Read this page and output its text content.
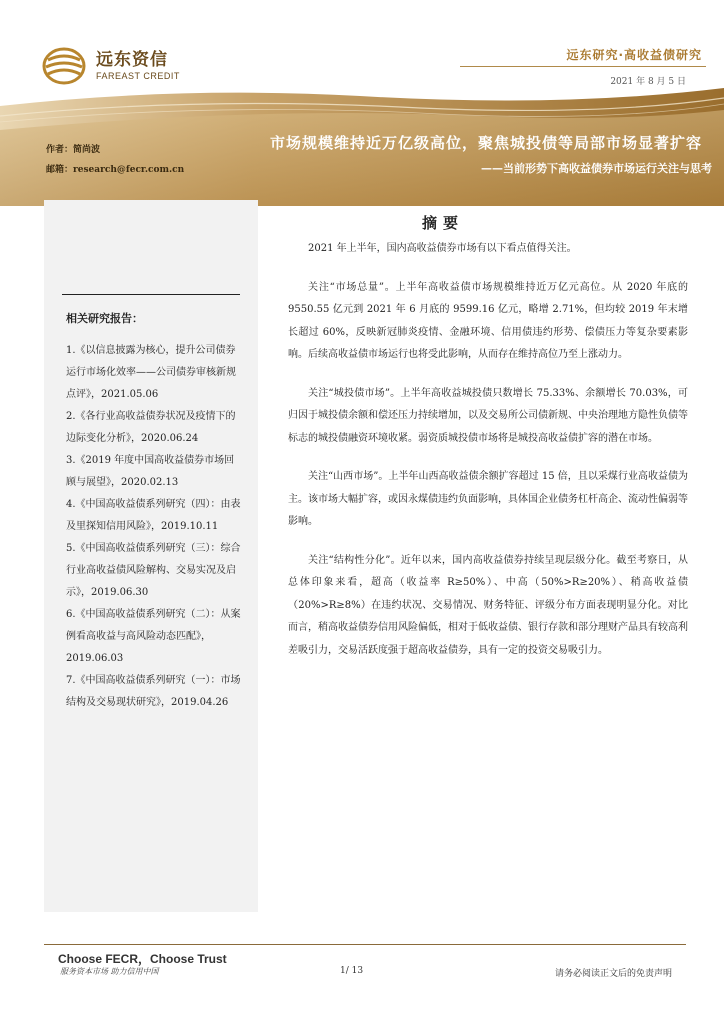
远东资信
FAREAST CREDIT
远东研究·高收益债研究
2021 年 8 月 5 日
作者：简尚波
邮箱：research@fecr.com.cn
市场规模维持近万亿级高位，聚焦城投债等局部市场显著扩容
——当前形势下高收益债券市场运行关注与思考
相关研究报告：
1.《以信息披露为核心，提升公司债券运行市场化效率——公司债券审核新规点评》，2021.05.06
2.《各行业高收益债券状况及疫情下的边际变化分析》，2020.06.24
3.《2019 年度中国高收益债券市场回顾与展望》，2020.02.13
4.《中国高收益债系列研究（四）：由表及里探知信用风险》，2019.10.11
5.《中国高收益债系列研究（三）：综合行业高收益债风险解构、交易实况及启示》，2019.06.30
6.《中国高收益债系列研究（二）：从案例看高收益与高风险动态匹配》，2019.06.03
7.《中国高收益债系列研究（一）：市场结构及交易现状研究》，2019.04.26
摘要

2021 年上半年，国内高收益债券市场有以下看点值得关注。

关注“市场总量”。上半年高收益债市场规模维持近万亿元高位。从 2020 年底的 9550.55 亿元到 2021 年 6 月底的 9599.16 亿元，略增 2.71%，但均较 2019 年末增长超过 60%，反映新冠肺炎疫情、金融环境、信用债违约形势、偿债压力等复杂要素影响。后续高收益债市场运行也将受此影响，从而存在维持高位乃至上涨动力。

关注“城投债市场”。上半年高收益城投债只数增长 75.33%、余额增长 70.03%，可归因于城投债余额和偿还压力持续增加，以及交易所公司债新规、中央治理地方隐性负债等标志的城投债融资环境收紧。弱资质城投债市场将是城投高收益债扩容的潜在市场。

关注“山西市场”。上半年山西高收益债余额扩容超过 15 倍，且以采煤行业高收益债为主。该市场大幅扩容，或因永煤债违约负面影响，具体国企业债务杠杆高企、流动性偏弱等影响。

关注“结构性分化”。近年以来，国内高收益债券持续呈现层级分化。截至考察日，从总体印象来看，超高（收益率 R≥50%）、中高（50%>R≥20%）、稍高收益债（20%>R≥8%）在违约状况、交易情况、财务特征、评级分布方面表现明显分化。对比而言，稍高收益债券信用风险偏低，相对于低收益债、银行存款和部分理财产品具有较高利差吸引力，交易活跃度强于超高收益债券，具有一定的投资交易吸引力。

Choose FECR，Choose Trust
服务资本市场 助力信用中国	1/ 13	请务必阅读正文后的免责声明
